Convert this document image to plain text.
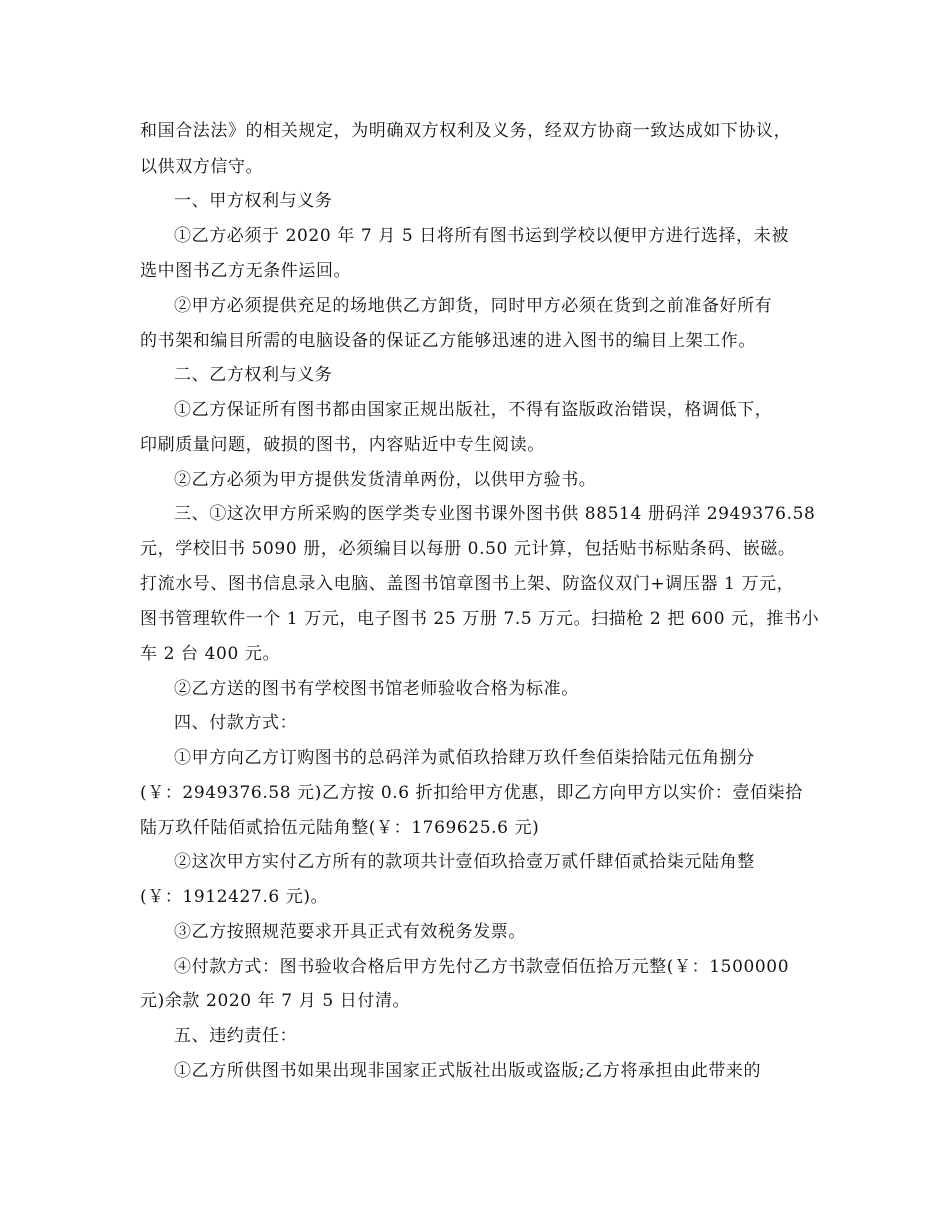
和国合法法》的相关规定，为明确双方权利及义务，经双方协商一致达成如下协议，
以供双方信守。
一、甲方权利与义务
①乙方必须于 2020 年 7 月 5 日将所有图书运到学校以便甲方进行选择，未被
选中图书乙方无条件运回。
②甲方必须提供充足的场地供乙方卸货，同时甲方必须在货到之前准备好所有
的书架和编目所需的电脑设备的保证乙方能够迅速的进入图书的编目上架工作。
二、乙方权利与义务
①乙方保证所有图书都由国家正规出版社，不得有盗版政治错误，格调低下，
印刷质量问题，破损的图书，内容贴近中专生阅读。
②乙方必须为甲方提供发货清单两份，以供甲方验书。
三、①这次甲方所采购的医学类专业图书课外图书供 88514 册码洋 2949376.58
元，学校旧书 5090 册，必须编目以每册 0.50 元计算，包括贴书标贴条码、嵌磁。
打流水号、图书信息录入电脑、盖图书馆章图书上架、防盗仪双门+调压器 1 万元，
图书管理软件一个 1 万元，电子图书 25 万册 7.5 万元。扫描枪 2 把 600 元，推书小
车 2 台 400 元。
②乙方送的图书有学校图书馆老师验收合格为标准。
四、付款方式：
①甲方向乙方订购图书的总码洋为贰佰玖拾肆万玖仟叁佰柒拾陆元伍角捌分
(￥：2949376.58 元)乙方按 0.6 折扣给甲方优惠，即乙方向甲方以实价：壹佰柒拾
陆万玖仟陆佰贰拾伍元陆角整(￥：1769625.6 元)
②这次甲方实付乙方所有的款项共计壹佰玖拾壹万贰仟肆佰贰拾柒元陆角整
(￥：1912427.6 元)。
③乙方按照规范要求开具正式有效税务发票。
④付款方式：图书验收合格后甲方先付乙方书款壹佰伍拾万元整(￥：1500000
元)余款 2020 年 7 月 5 日付清。
五、违约责任：
①乙方所供图书如果出现非国家正式版社出版或盗版;乙方将承担由此带来的
